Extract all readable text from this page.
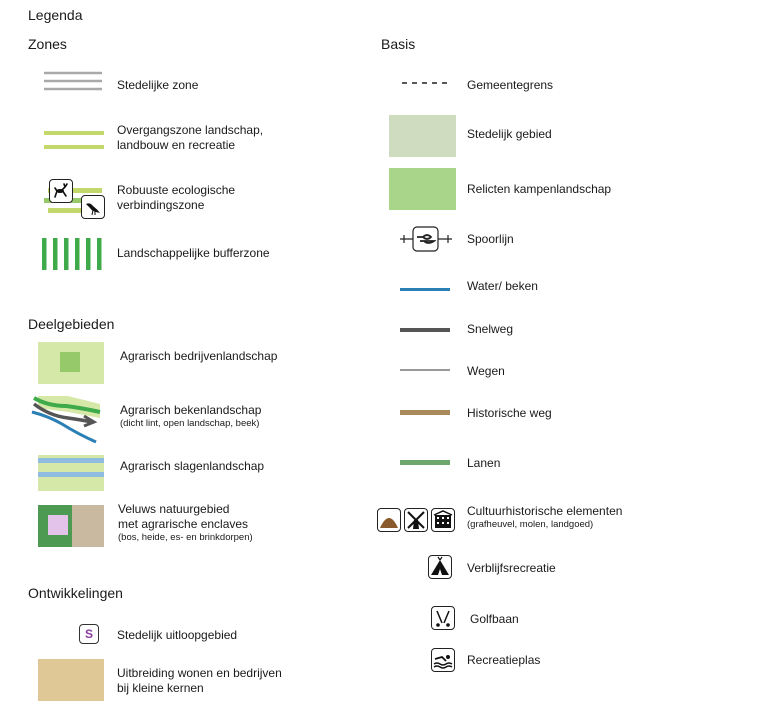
Legenda
Zones
Stedelijke zone
Overgangszone landschap,
landbouw en recreatie
Robuuste ecologische
verbindingszone
Landschappelijke bufferzone
Deelgebieden
Agrarisch bedrijvenlandschap
Agrarisch bekenlandschap
(dicht lint, open landschap, beek)
Agrarisch slagenlandschap
Veluws natuurgebied
met agrarische enclaves
(bos, heide, es- en brinkdorpen)
Ontwikkelingen
S	Stedelijk uitloopgebied
Uitbreiding wonen en bedrijven
bij kleine kernen
Basis
Gemeentegrens
Stedelijk gebied
Relicten kampenlandschap
Spoorlijn
Water/ beken
Snelweg
Wegen
Historische weg
Lanen
Cultuurhistorische elementen
(grafheuvel, molen, landgoed)
Verblijfsrecreatie
Golfbaan
Recreatieplas
